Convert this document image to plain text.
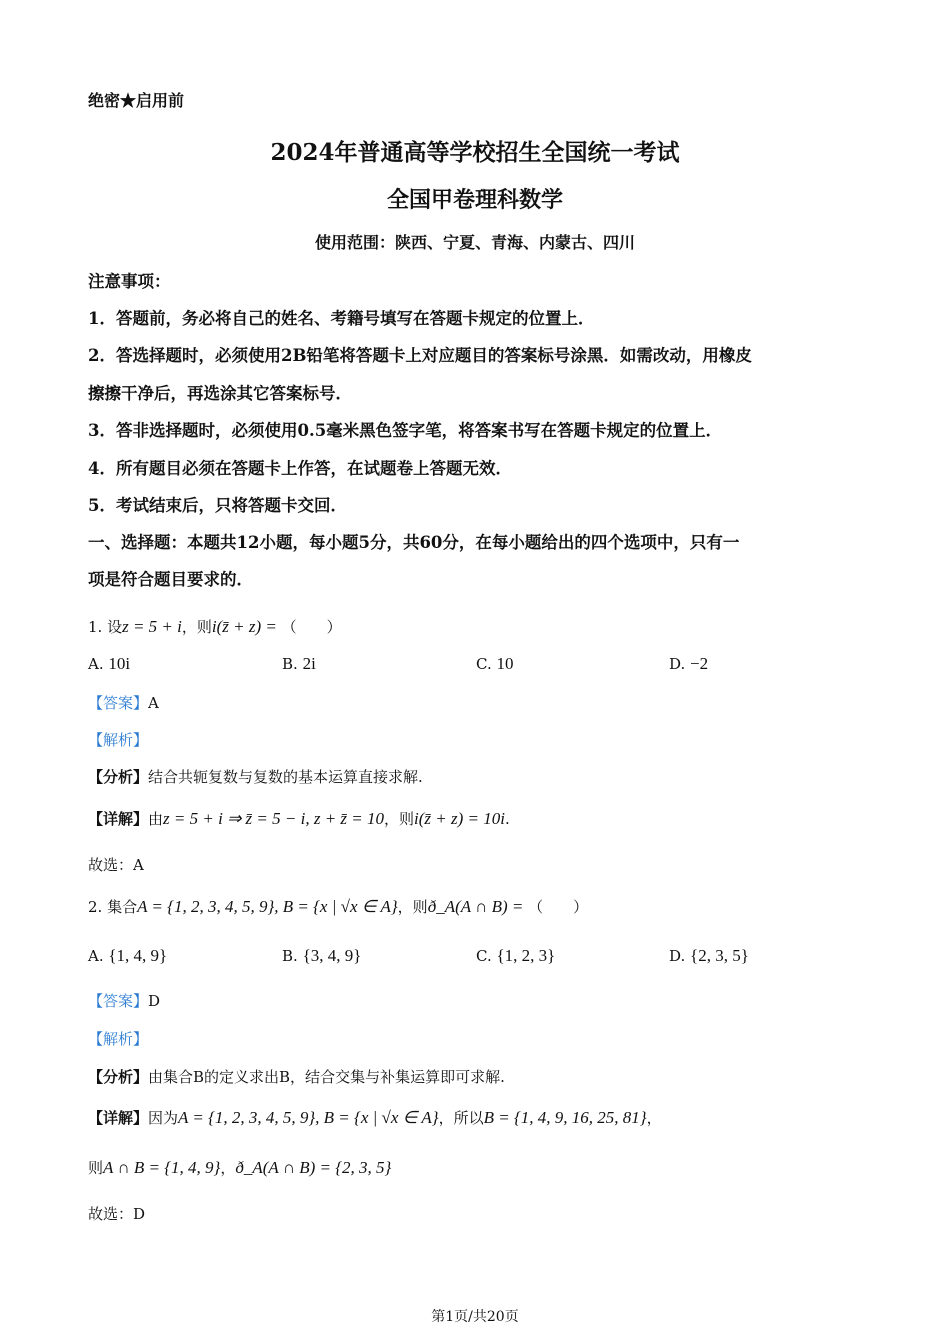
绝密★启用前
2024年普通高等学校招生全国统一考试
全国甲卷理科数学
使用范围：陕西、宁夏、青海、内蒙古、四川
注意事项：
1．答题前，务必将自己的姓名、考籍号填写在答题卡规定的位置上．
2．答选择题时，必须使用2B铅笔将答题卡上对应题目的答案标号涂黑．如需改动，用橡皮
擦擦干净后，再选涂其它答案标号．
3．答非选择题时，必须使用0.5毫米黑色签字笔，将答案书写在答题卡规定的位置上．
4．所有题目必须在答题卡上作答，在试题卷上答题无效．
5．考试结束后，只将答题卡交回．
一、选择题：本题共12小题，每小题5分，共60分，在每小题给出的四个选项中，只有一
项是符合题目要求的．
1. 设z = 5 + i，则i(z̄ + z) = （　　）
A. 10i	B. 2i	C. 10	D. −2
【答案】A
【解析】
【分析】结合共轭复数与复数的基本运算直接求解.
【详解】由z = 5 + i ⇒ z̄ = 5 − i, z + z̄ = 10，则i(z̄ + z) = 10i.
故选：A
2. 集合A = {1, 2, 3, 4, 5, 9}, B = {x | √x ∈ A}，则ð_A(A ∩ B) = （　　）
A. {1, 4, 9}	B. {3, 4, 9}	C. {1, 2, 3}	D. {2, 3, 5}
【答案】D
【解析】
【分析】由集合B的定义求出B，结合交集与补集运算即可求解.
【详解】因为A = {1, 2, 3, 4, 5, 9}, B = {x | √x ∈ A}，所以B = {1, 4, 9, 16, 25, 81}，
则A ∩ B = {1, 4, 9}，ð_A(A ∩ B) = {2, 3, 5}
故选：D
第1页/共20页
